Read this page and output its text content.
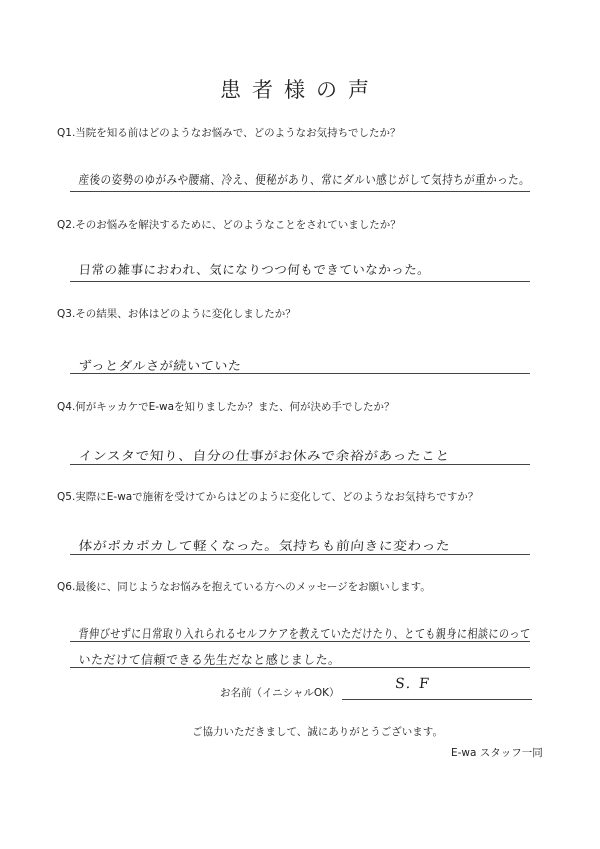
患者様の声
Q1.当院を知る前はどのようなお悩みで、どのようなお気持ちでしたか？
産後の姿勢のゆがみや腰痛、冷え、便秘があり、常にダルい感じがして気持ちが重かった。
Q2.そのお悩みを解決するために、どのようなことをされていましたか？
日常の雑事におわれ、気になりつつ何もできていなかった。
Q3.その結果、お体はどのように変化しましたか？
ずっとダルさが続いていた
Q4.何がキッカケでE-waを知りましたか？また、何が決め手でしたか？
インスタで知り、自分の仕事がお休みで余裕があったこと
Q5.実際にE-waで施術を受けてからはどのように変化して、どのようなお気持ちですか？
体がポカポカして軽くなった。気持ちも前向きに変わった
Q6.最後に、同じようなお悩みを抱えている方へのメッセージをお願いします。
背伸びせずに日常取り入れられるセルフケアを教えていただけたり、とても親身に相談にのって
いただけて信頼できる先生だなと感じました。
お名前（イニシャルOK）
S. F
ご協力いただきまして、誠にありがとうございます。
E-wa スタッフ一同
